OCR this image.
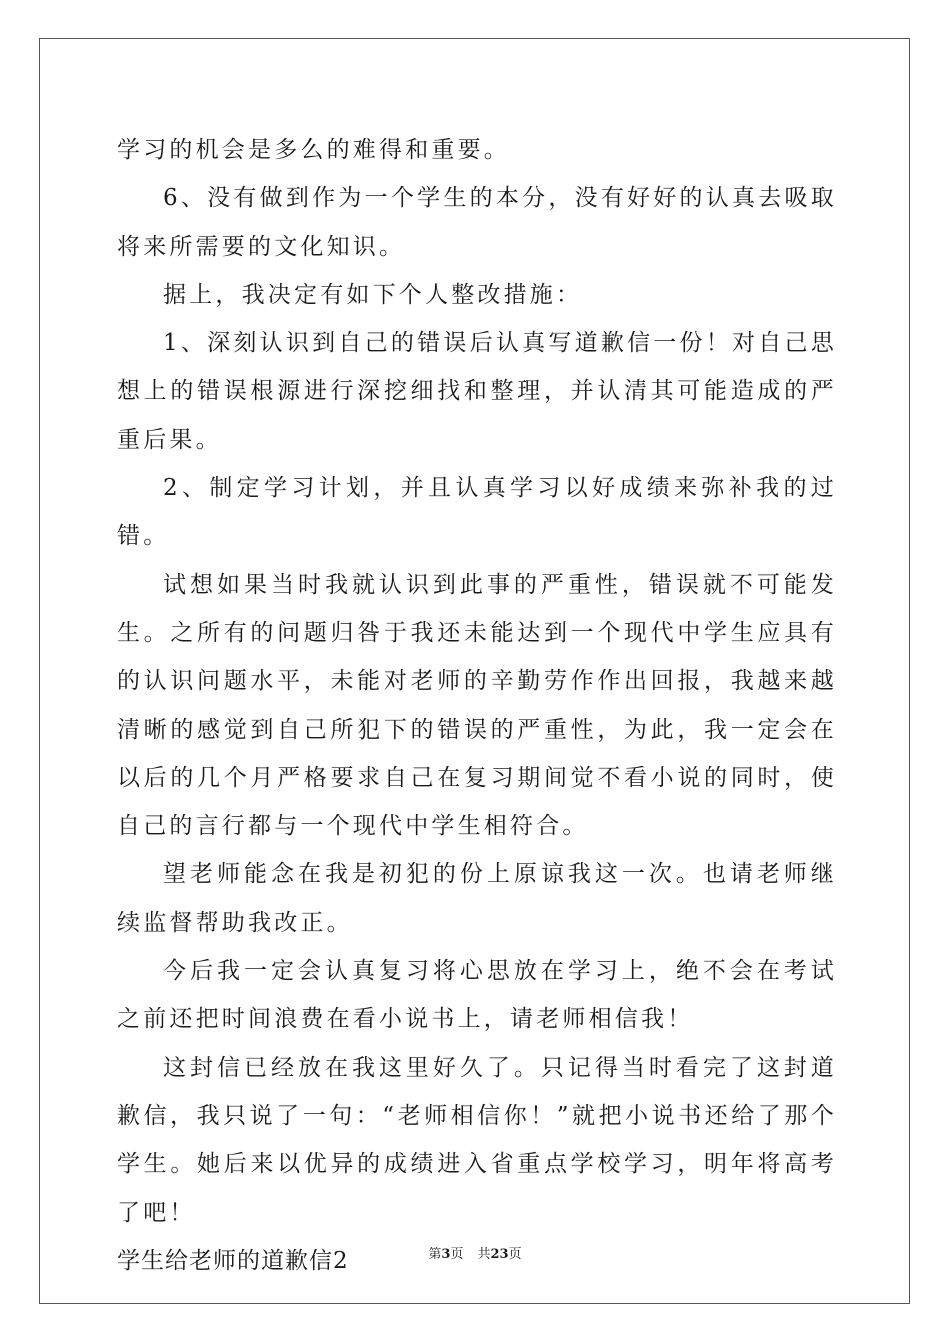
学习的机会是多么的难得和重要。

6、没有做到作为一个学生的本分，没有好好的认真去吸取将来所需要的文化知识。

据上，我决定有如下个人整改措施：

1、深刻认识到自己的错误后认真写道歉信一份！对自己思想上的错误根源进行深挖细找和整理，并认清其可能造成的严重后果。

2、制定学习计划，并且认真学习以好成绩来弥补我的过错。

试想如果当时我就认识到此事的严重性，错误就不可能发生。之所有的问题归咎于我还未能达到一个现代中学生应具有的认识问题水平，未能对老师的辛勤劳作作出回报，我越来越清晰的感觉到自己所犯下的错误的严重性，为此，我一定会在以后的几个月严格要求自己在复习期间觉不看小说的同时，使自己的言行都与一个现代中学生相符合。

望老师能念在我是初犯的份上原谅我这一次。也请老师继续监督帮助我改正。

今后我一定会认真复习将心思放在学习上，绝不会在考试之前还把时间浪费在看小说书上，请老师相信我！

这封信已经放在我这里好久了。只记得当时看完了这封道歉信，我只说了一句：“老师相信你！”就把小说书还给了那个学生。她后来以优异的成绩进入省重点学校学习，明年将高考了吧！

学生给老师的道歉信2	第3页 共23页
